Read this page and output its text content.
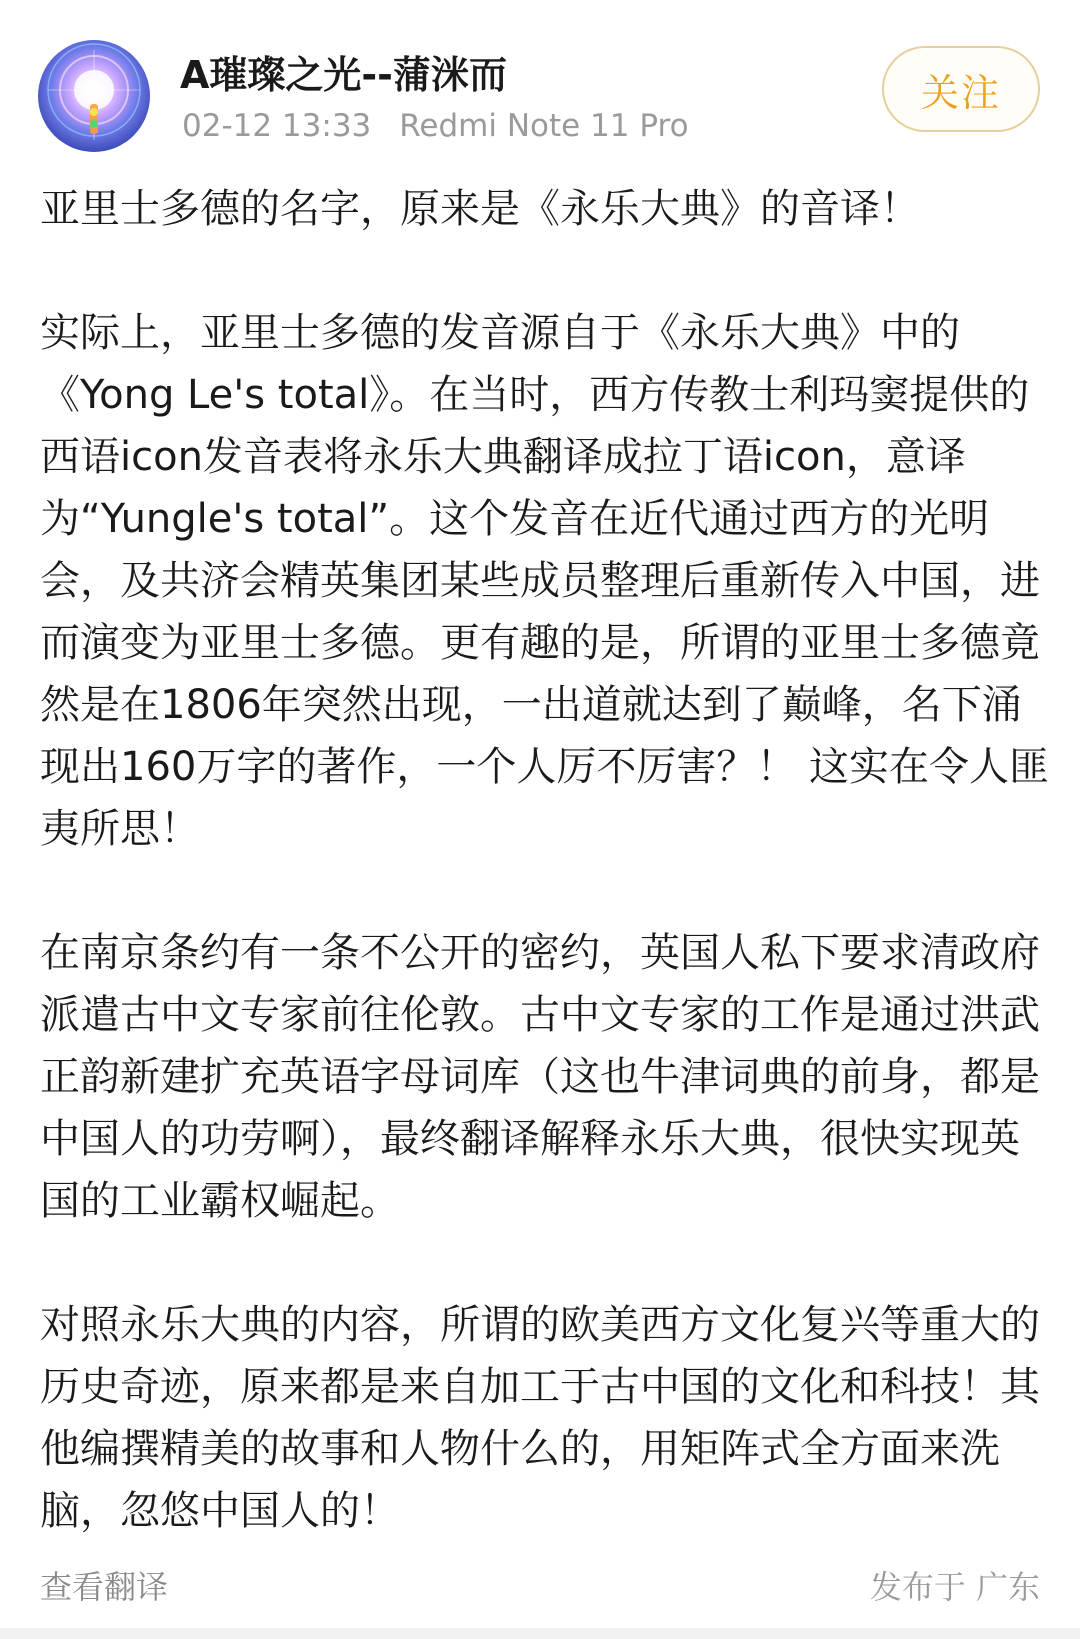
A璀璨之光--蒲洣而
02-12 13:33 Redmi Note 11 Pro
关注

亚里士多德的名字，原来是《永乐大典》的音译！

实际上，亚里士多德的发音源自于《永乐大典》中的《Yong Le's total》。在当时，西方传教士利玛窦提供的西语icon发音表将永乐大典翻译成拉丁语icon，意译为“Yungle's total”。这个发音在近代通过西方的光明会，及共济会精英集团某些成员整理后重新传入中国，进而演变为亚里士多德。更有趣的是，所谓的亚里士多德竟然是在1806年突然出现，一出道就达到了巅峰，名下涌现出160万字的著作，一个人厉不厉害？！ 这实在令人匪夷所思！

在南京条约有一条不公开的密约，英国人私下要求清政府派遣古中文专家前往伦敦。古中文专家的工作是通过洪武正韵新建扩充英语字母词库（这也牛津词典的前身，都是中国人的功劳啊），最终翻译解释永乐大典，很快实现英国的工业霸权崛起。

对照永乐大典的内容，所谓的欧美西方文化复兴等重大的历史奇迹，原来都是来自加工于古中国的文化和科技！其他编撰精美的故事和人物什么的，用矩阵式全方面来洗脑，忽悠中国人的！

查看翻译	发布于 广东
